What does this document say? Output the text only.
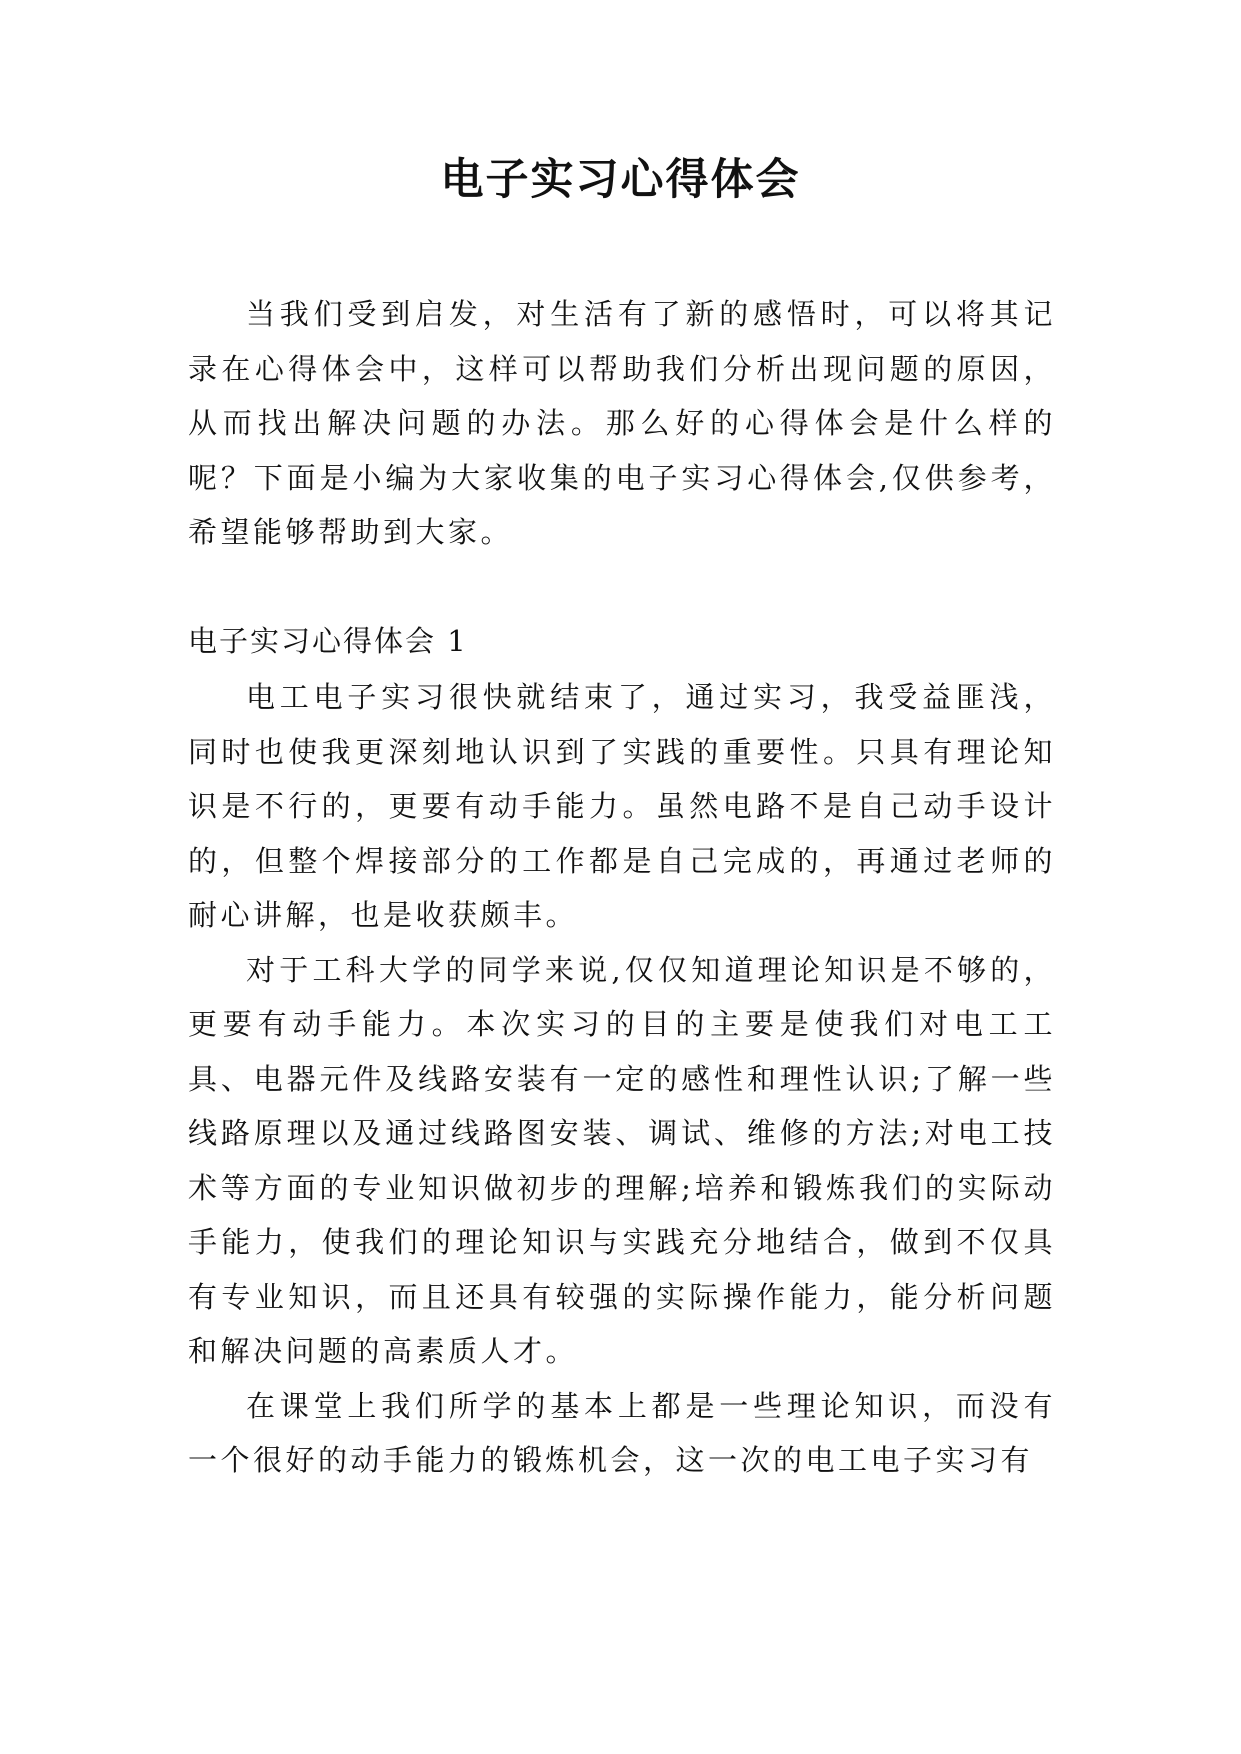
电子实习心得体会

当我们受到启发，对生活有了新的感悟时，可以将其记录在心得体会中，这样可以帮助我们分析出现问题的原因，从而找出解决问题的办法。那么好的心得体会是什么样的呢？下面是小编为大家收集的电子实习心得体会,仅供参考，希望能够帮助到大家。

电子实习心得体会 1

电工电子实习很快就结束了，通过实习，我受益匪浅，同时也使我更深刻地认识到了实践的重要性。只具有理论知识是不行的，更要有动手能力。虽然电路不是自己动手设计的，但整个焊接部分的工作都是自己完成的，再通过老师的耐心讲解，也是收获颇丰。

对于工科大学的同学来说,仅仅知道理论知识是不够的，更要有动手能力。本次实习的目的主要是使我们对电工工具、电器元件及线路安装有一定的感性和理性认识;了解一些线路原理以及通过线路图安装、调试、维修的方法;对电工技术等方面的专业知识做初步的理解;培养和锻炼我们的实际动手能力，使我们的理论知识与实践充分地结合，做到不仅具有专业知识，而且还具有较强的实际操作能力，能分析问题和解决问题的高素质人才。

在课堂上我们所学的基本上都是一些理论知识，而没有一个很好的动手能力的锻炼机会，这一次的电工电子实习有
